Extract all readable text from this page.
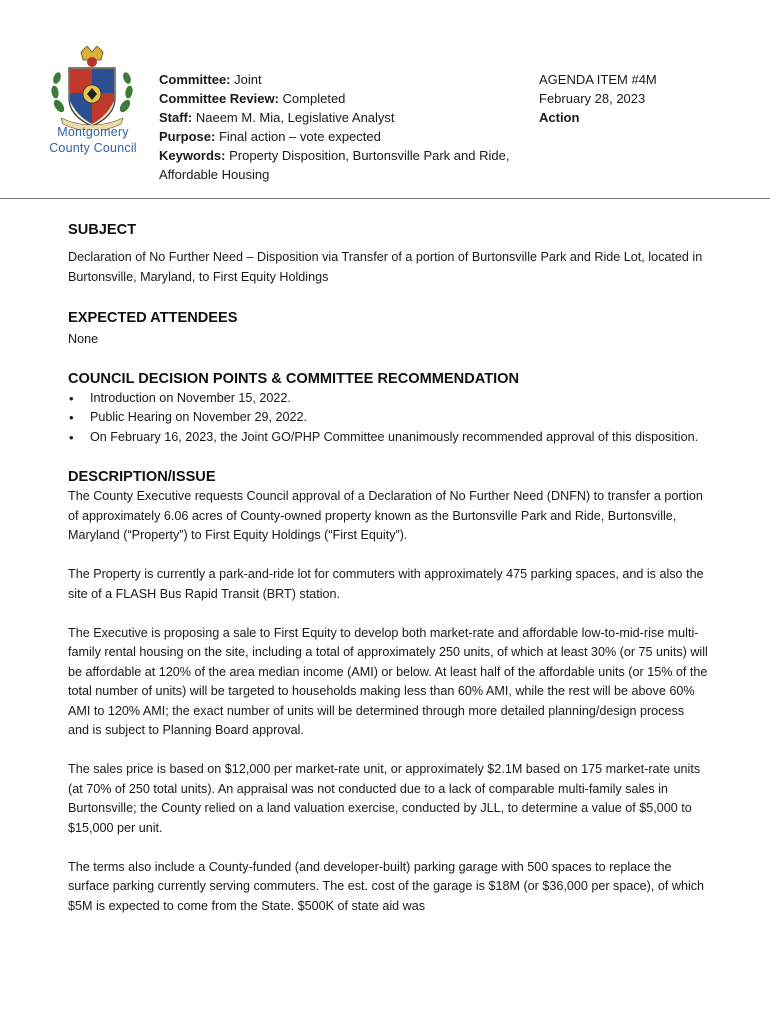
Montgomery
County Council
Committee: Joint
Committee Review: Completed
Staff: Naeem M. Mia, Legislative Analyst
Purpose: Final action – vote expected
Keywords: Property Disposition, Burtonsville Park and Ride,
Affordable Housing
AGENDA ITEM #4M
February 28, 2023
Action
SUBJECT

Declaration of No Further Need – Disposition via Transfer of a portion of Burtonsville Park and Ride Lot, located in Burtonsville, Maryland, to First Equity Holdings

EXPECTED ATTENDEES

None

COUNCIL DECISION POINTS & COMMITTEE RECOMMENDATION
• Introduction on November 15, 2022.
• Public Hearing on November 29, 2022.
• On February 16, 2023, the Joint GO/PHP Committee unanimously recommended approval of this disposition.
DESCRIPTION/ISSUE

The County Executive requests Council approval of a Declaration of No Further Need (DNFN) to transfer a portion of approximately 6.06 acres of County-owned property known as the Burtonsville Park and Ride, Burtonsville, Maryland (“Property”) to First Equity Holdings (“First Equity”).

The Property is currently a park-and-ride lot for commuters with approximately 475 parking spaces, and is also the site of a FLASH Bus Rapid Transit (BRT) station.

The Executive is proposing a sale to First Equity to develop both market-rate and affordable low-to-mid-rise multi-family rental housing on the site, including a total of approximately 250 units, of which at least 30% (or 75 units) will be affordable at 120% of the area median income (AMI) or below. At least half of the affordable units (or 15% of the total number of units) will be targeted to households making less than 60% AMI, while the rest will be above 60% AMI to 120% AMI; the exact number of units will be determined through more detailed planning/design process and is subject to Planning Board approval.

The sales price is based on $12,000 per market-rate unit, or approximately $2.1M based on 175 market-rate units (at 70% of 250 total units). An appraisal was not conducted due to a lack of comparable multi-family sales in Burtonsville; the County relied on a land valuation exercise, conducted by JLL, to determine a value of $5,000 to $15,000 per unit.

The terms also include a County-funded (and developer-built) parking garage with 500 spaces to replace the surface parking currently serving commuters. The est. cost of the garage is $18M (or $36,000 per space), of which $5M is expected to come from the State. $500K of state aid was
